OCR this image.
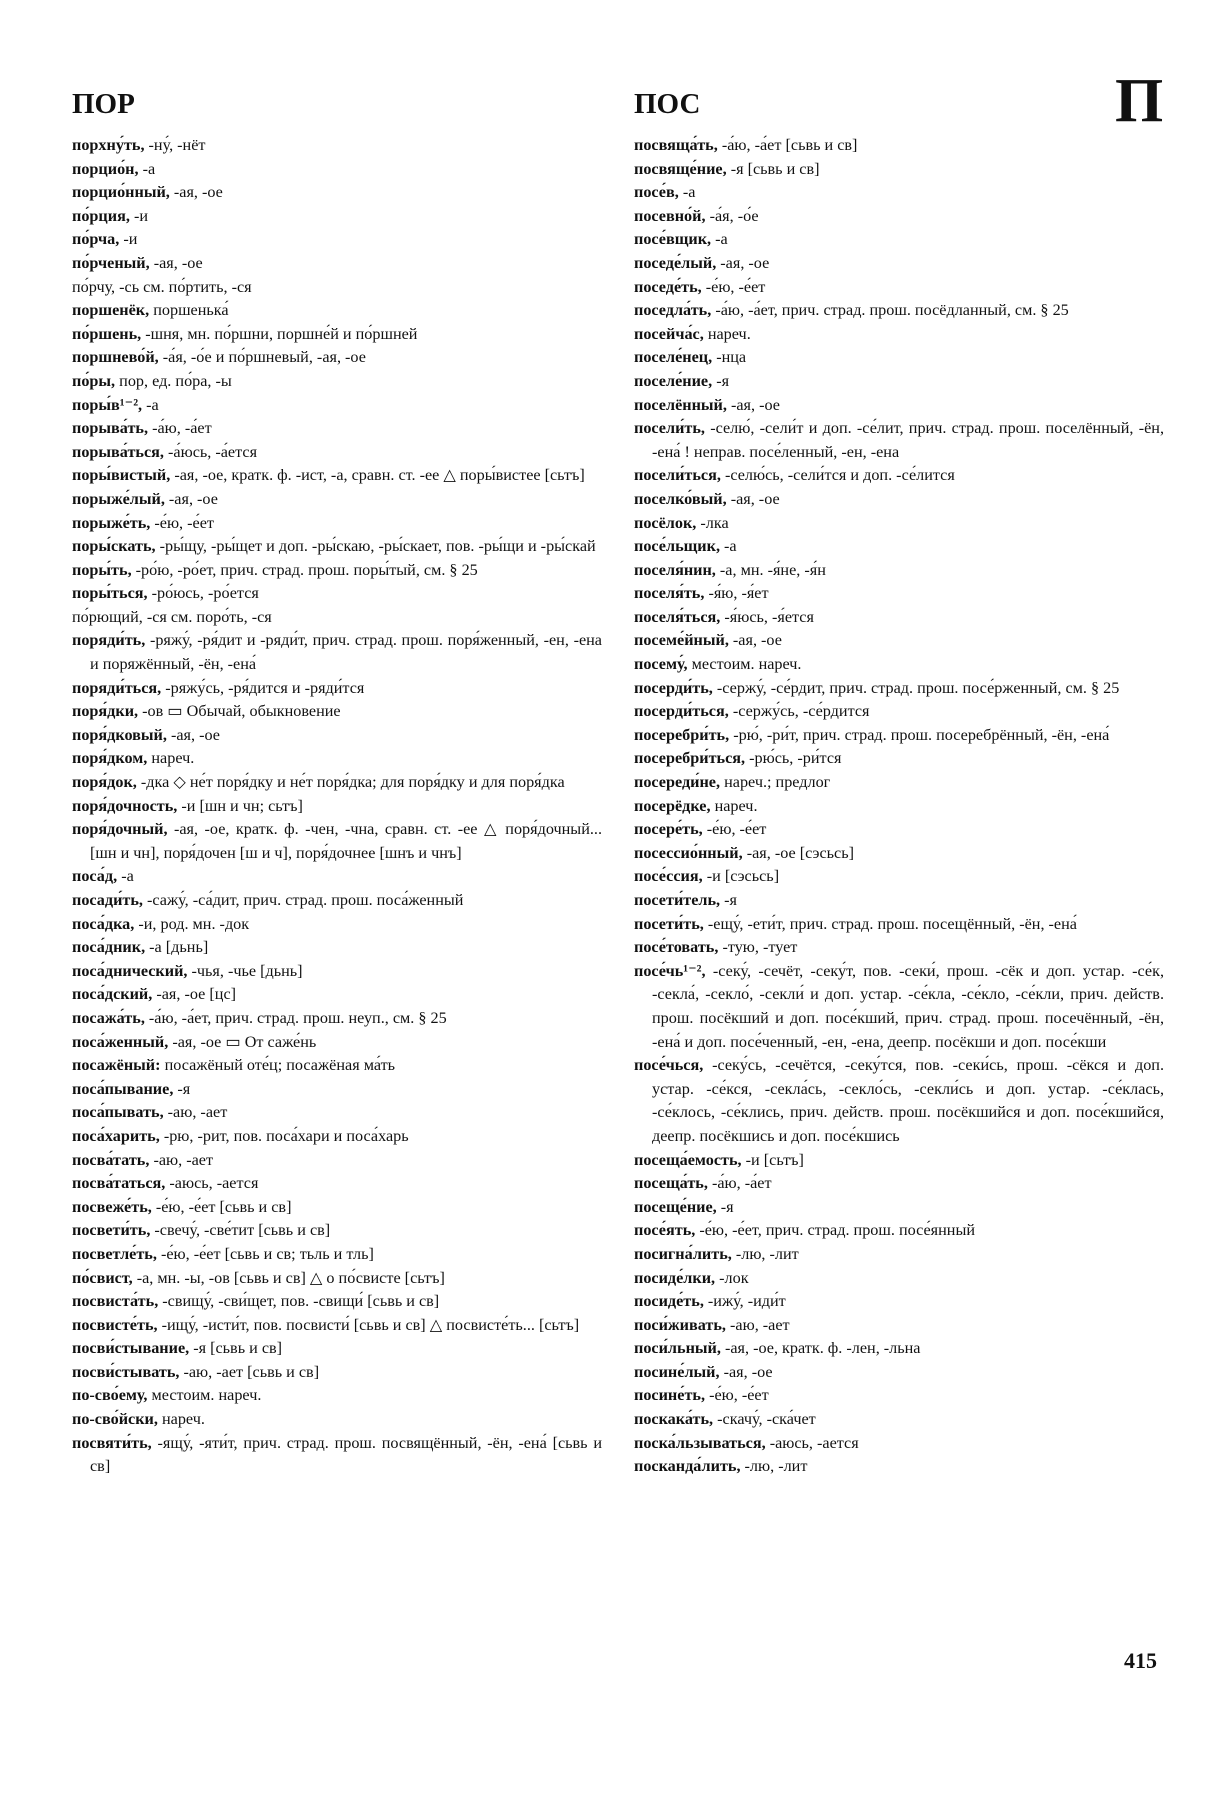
П
ПОР

порхну́ть, -ну́, -нёт

порцио́н, -а

порцио́нный, -ая, -ое

по́рция, -и

по́рча, -и

по́рченый, -ая, -ое

по́рчу, -сь см. по́ртить, -ся

поршенёк, поршенька́

по́ршень, -шня, мн. по́ршни, поршне́й и по́ршней

поршнево́й, -а́я, -о́е и по́ршневый, -ая, -ое

по́ры, пор, ед. по́ра, -ы

поры́в¹⁻², -а

порыва́ть, -а́ю, -а́ет

порыва́ться, -а́юсь, -а́ется

поры́вистый, -ая, -ое, кратк. ф. -ист, -а, сравн. ст. -ее △ поры́вистее [сьтъ]

порыже́лый, -ая, -ое

порыже́ть, -е́ю, -е́ет

поры́скать, -ры́щу, -ры́щет и доп. -ры́скаю, -ры́скает, пов. -ры́щи и -ры́скай

поры́ть, -ро́ю, -ро́ет, прич. страд. прош. поры́тый, см. § 25

поры́ться, -ро́юсь, -ро́ется

по́рющий, -ся см. поро́ть, -ся

поряди́ть, -ряжу́, -ря́дит и -ряди́т, прич. страд. прош. поря́женный, -ен, -ена и поряжённый, -ён, -ена́

поряди́ться, -ряжу́сь, -ря́дится и -ряди́тся

поря́дки, -ов ▭ Обычай, обыкновение

поря́дковый, -ая, -ое

поря́дком, нареч.

поря́док, -дка ◇ не́т поря́дку и не́т поря́дка; для поря́дку и для поря́дка

поря́дочность, -и [шн и чн; сьтъ]

поря́дочный, -ая, -ое, кратк. ф. -чен, -чна, сравн. ст. -ее △ поря́дочный... [шн и чн], поря́дочен [ш и ч], поря́дочнее [шнъ и чнъ]

поса́д, -а

посади́ть, -сажу́, -са́дит, прич. страд. прош. поса́женный

поса́дка, -и, род. мн. -док

поса́дник, -а [дьнь]

поса́днический, -чья, -чье [дьнь]

поса́дский, -ая, -ое [цс]

посажа́ть, -а́ю, -а́ет, прич. страд. прош. неуп., см. § 25

поса́женный, -ая, -ое ▭ От саже́нь

посажёный: посажёный оте́ц; посажёная ма́ть

поса́пывание, -я

поса́пывать, -аю, -ает

поса́харить, -рю, -рит, пов. поса́хари и поса́харь

посва́тать, -аю, -ает

посва́таться, -аюсь, -ается

посвеже́ть, -е́ю, -е́ет [сьвь и св]

посвети́ть, -свечу́, -све́тит [сьвь и св]

посветле́ть, -е́ю, -е́ет [сьвь и св; тьль и тль]

по́свист, -а, мн. -ы, -ов [сьвь и св] △ о по́свисте [сьтъ]

посвиста́ть, -свищу́, -сви́щет, пов. -свищи́ [сьвь и св]

посвисте́ть, -ищу́, -исти́т, пов. посвисти́ [сьвь и св] △ посвисте́ть... [сьтъ]

посви́стывание, -я [сьвь и св]

посви́стывать, -аю, -ает [сьвь и св]

по-сво́ему, местоим. нареч.

по-сво́йски, нареч.

посвяти́ть, -ящу́, -яти́т, прич. страд. прош. посвящённый, -ён, -ена́ [сьвь и св]

ПОС

посвяща́ть, -а́ю, -а́ет [сьвь и св]

посвяще́ние, -я [сьвь и св]

посе́в, -а

посевно́й, -а́я, -о́е

посе́вщик, -а

поседе́лый, -ая, -ое

поседе́ть, -е́ю, -е́ет

поседла́ть, -а́ю, -а́ет, прич. страд. прош. посёдланный, см. § 25

посейча́с, нареч.

поселе́нец, -нца

поселе́ние, -я

поселённый, -ая, -ое

посели́ть, -селю́, -сели́т и доп. -се́лит, прич. страд. прош. поселённый, -ён, -ена́ ! неправ. посе́ленный, -ен, -ена

посели́ться, -селю́сь, -сели́тся и доп. -се́лится

поселко́вый, -ая, -ое

посёлок, -лка

посе́льщик, -а

поселя́нин, -а, мн. -я́не, -я́н

поселя́ть, -я́ю, -я́ет

поселя́ться, -я́юсь, -я́ется

посеме́йный, -ая, -ое

посему́, местоим. нареч.

посерди́ть, -сержу́, -се́рдит, прич. страд. прош. посе́рженный, см. § 25

посерди́ться, -сержу́сь, -се́рдится

посеребри́ть, -рю́, -ри́т, прич. страд. прош. посеребрённый, -ён, -ена́

посеребри́ться, -рю́сь, -ри́тся

посереди́не, нареч.; предлог

посерёдке, нареч.

посере́ть, -е́ю, -е́ет

посессио́нный, -ая, -ое [сэсьсь]

посе́ссия, -и [сэсьсь]

посети́тель, -я

посети́ть, -ещу́, -ети́т, прич. страд. прош. посещённый, -ён, -ена́

посе́товать, -тую, -тует

посе́чь¹⁻², -секу́, -сечёт, -секу́т, пов. -секи́, прош. -сёк и доп. устар. -се́к, -секла́, -секло́, -секли́ и доп. устар. -се́кла, -се́кло, -се́кли, прич. действ. прош. посёкший и доп. посе́кший, прич. страд. прош. посечённый, -ён, -ена́ и доп. посе́ченный, -ен, -ена, деепр. посёкши и доп. посе́кши

посе́чься, -секу́сь, -сечётся, -секу́тся, пов. -секи́сь, прош. -сёкся и доп. устар. -се́кся, -секла́сь, -секло́сь, -секли́сь и доп. устар. -се́клась, -се́клось, -се́клись, прич. действ. прош. посёкшийся и доп. посе́кшийся, деепр. посёкшись и доп. посе́кшись

посеща́емость, -и [сьтъ]

посеща́ть, -а́ю, -а́ет

посеще́ние, -я

посе́ять, -е́ю, -е́ет, прич. страд. прош. посе́янный

посигна́лить, -лю, -лит

посиде́лки, -лок

посиде́ть, -ижу́, -иди́т

поси́живать, -аю, -ает

поси́льный, -ая, -ое, кратк. ф. -лен, -льна

посине́лый, -ая, -ое

посине́ть, -е́ю, -е́ет

поскака́ть, -скачу́, -ска́чет

поска́льзываться, -аюсь, -ается

посканда́лить, -лю, -лит

415
